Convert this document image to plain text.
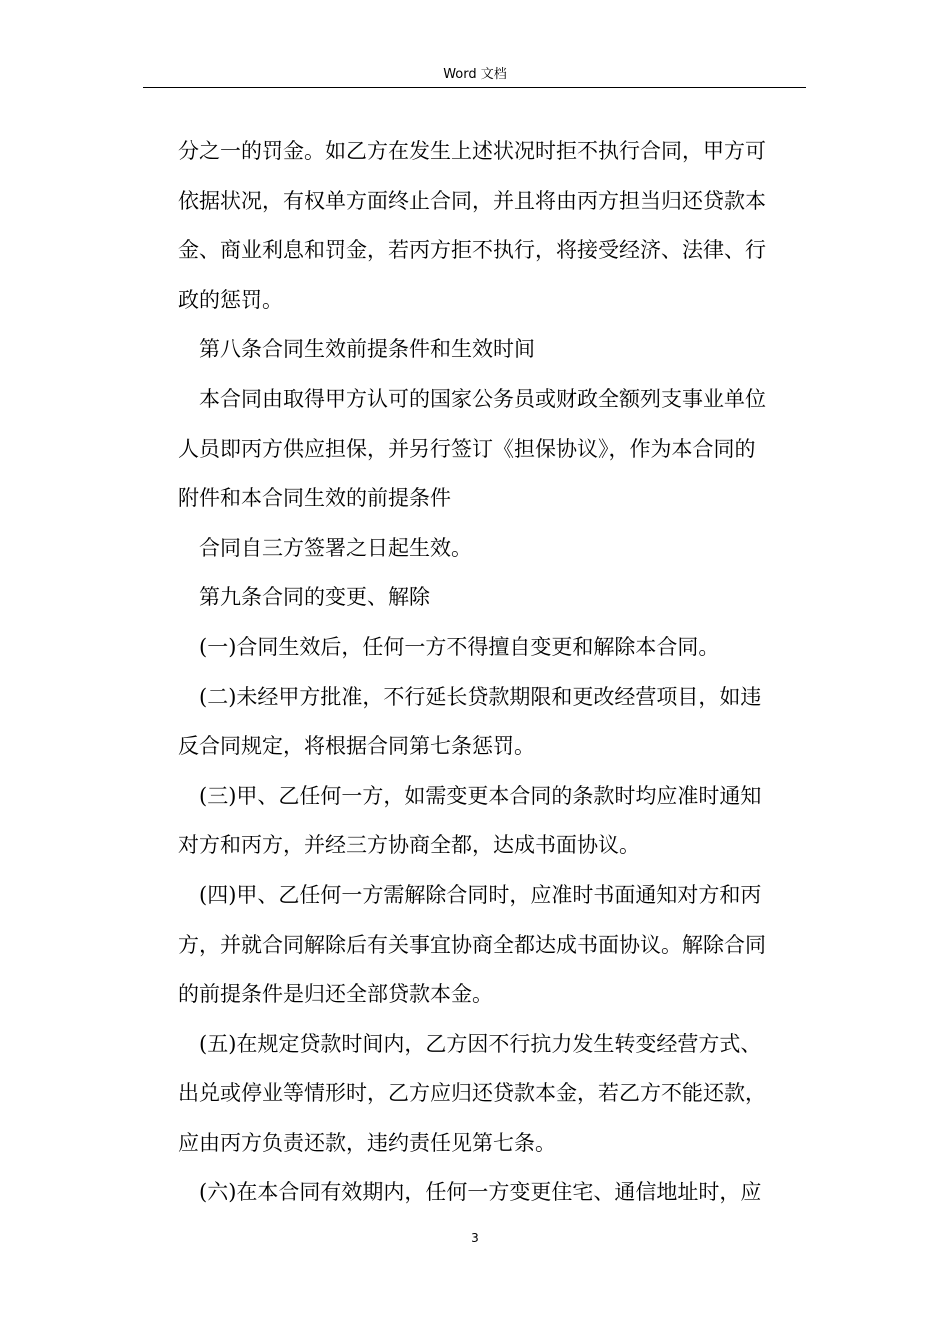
Word 文档
分之一的罚金。如乙方在发生上述状况时拒不执行合同，甲方可
依据状况，有权单方面终止合同，并且将由丙方担当归还贷款本
金、商业利息和罚金，若丙方拒不执行，将接受经济、法律、行
政的惩罚。
第八条合同生效前提条件和生效时间
本合同由取得甲方认可的国家公务员或财政全额列支事业单位
人员即丙方供应担保，并另行签订《担保协议》，作为本合同的
附件和本合同生效的前提条件
合同自三方签署之日起生效。
第九条合同的变更、解除
(一)合同生效后，任何一方不得擅自变更和解除本合同。
(二)未经甲方批准，不行延长贷款期限和更改经营项目，如违
反合同规定，将根据合同第七条惩罚。
(三)甲、乙任何一方，如需变更本合同的条款时均应准时通知
对方和丙方，并经三方协商全都，达成书面协议。
(四)甲、乙任何一方需解除合同时，应准时书面通知对方和丙
方，并就合同解除后有关事宜协商全都达成书面协议。解除合同
的前提条件是归还全部贷款本金。
(五)在规定贷款时间内，乙方因不行抗力发生转变经营方式、
出兑或停业等情形时，乙方应归还贷款本金，若乙方不能还款，
应由丙方负责还款，违约责任见第七条。
(六)在本合同有效期内，任何一方变更住宅、通信地址时，应
3
